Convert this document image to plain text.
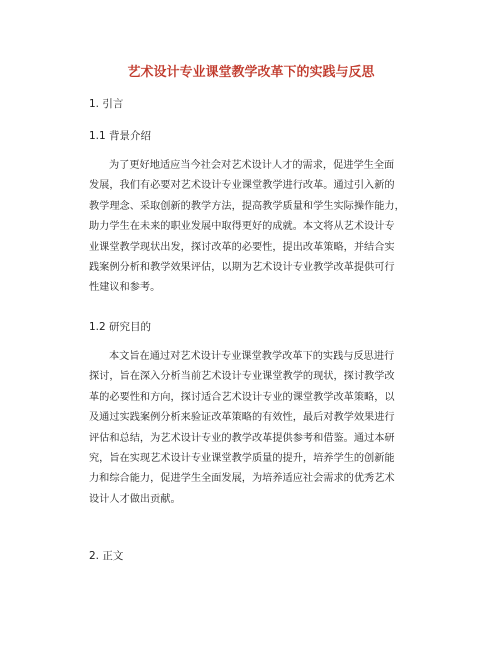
艺术设计专业课堂教学改革下的实践与反思
1. 引言
1.1 背景介绍
为了更好地适应当今社会对艺术设计人才的需求，促进学生全面
发展，我们有必要对艺术设计专业课堂教学进行改革。通过引入新的
教学理念、采取创新的教学方法，提高教学质量和学生实际操作能力，
助力学生在未来的职业发展中取得更好的成就。本文将从艺术设计专
业课堂教学现状出发，探讨改革的必要性，提出改革策略，并结合实
践案例分析和教学效果评估，以期为艺术设计专业教学改革提供可行
性建议和参考。
1.2 研究目的
本文旨在通过对艺术设计专业课堂教学改革下的实践与反思进行
探讨，旨在深入分析当前艺术设计专业课堂教学的现状，探讨教学改
革的必要性和方向，探讨适合艺术设计专业的课堂教学改革策略，以
及通过实践案例分析来验证改革策略的有效性，最后对教学效果进行
评估和总结，为艺术设计专业的教学改革提供参考和借鉴。通过本研
究，旨在实现艺术设计专业课堂教学质量的提升，培养学生的创新能
力和综合能力，促进学生全面发展，为培养适应社会需求的优秀艺术
设计人才做出贡献。
2. 正文
